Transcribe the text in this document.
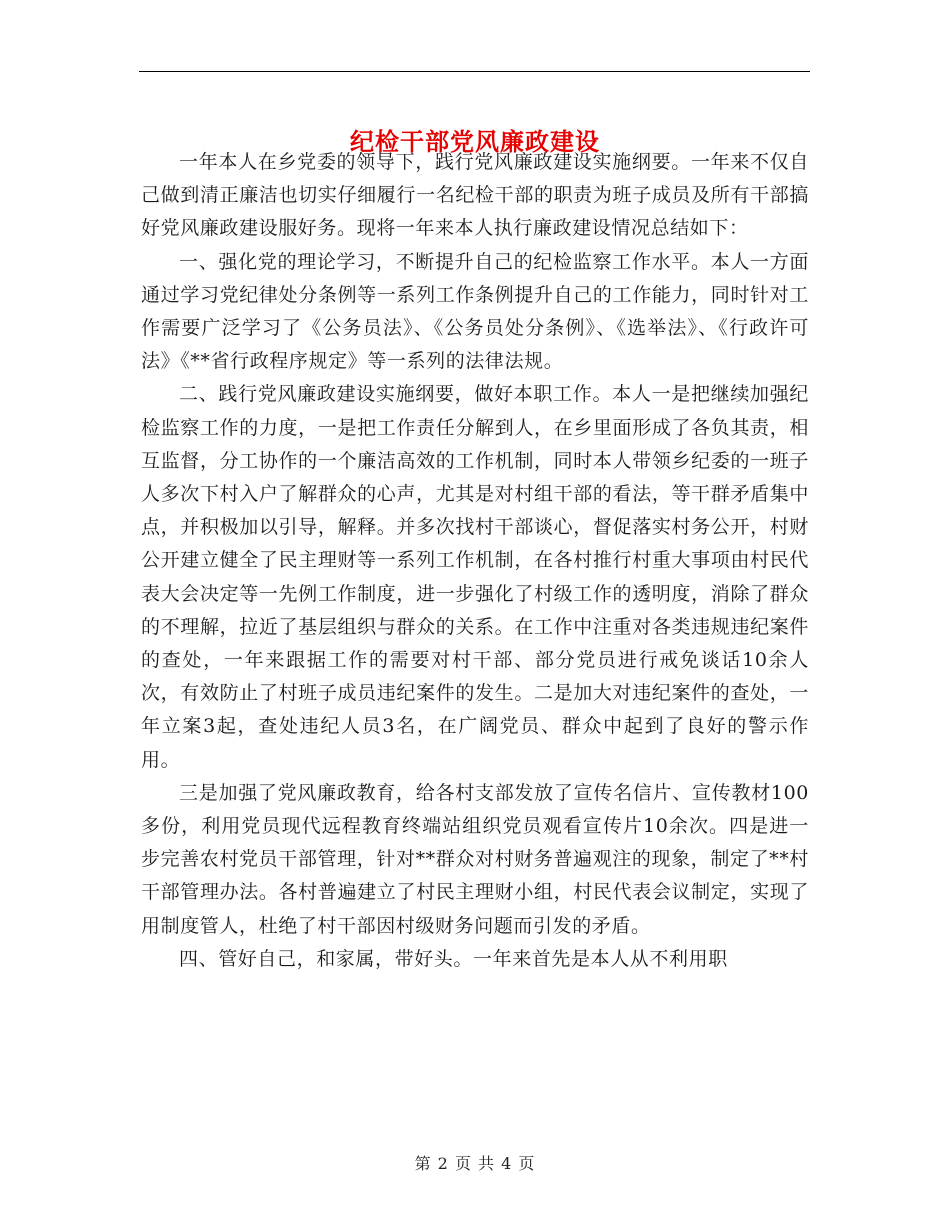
纪检干部党风廉政建设

一年本人在乡党委的领导下，践行党风廉政建设实施纲要。一年来不仅自己做到清正廉洁也切实仔细履行一名纪检干部的职责为班子成员及所有干部搞好党风廉政建设服好务。现将一年来本人执行廉政建设情况总结如下：

一、强化党的理论学习，不断提升自己的纪检监察工作水平。本人一方面通过学习党纪律处分条例等一系列工作条例提升自己的工作能力，同时针对工作需要广泛学习了《公务员法》、《公务员处分条例》、《选举法》、《行政许可法》《**省行政程序规定》等一系列的法律法规。

二、践行党风廉政建设实施纲要，做好本职工作。本人一是把继续加强纪检监察工作的力度，一是把工作责任分解到人，在乡里面形成了各负其责，相互监督，分工协作的一个廉洁高效的工作机制，同时本人带领乡纪委的一班子人多次下村入户了解群众的心声，尤其是对村组干部的看法，等干群矛盾集中点，并积极加以引导，解释。并多次找村干部谈心，督促落实村务公开，村财公开建立健全了民主理财等一系列工作机制，在各村推行村重大事项由村民代表大会决定等一先例工作制度，进一步强化了村级工作的透明度，消除了群众的不理解，拉近了基层组织与群众的关系。在工作中注重对各类违规违纪案件的查处，一年来跟据工作的需要对村干部、部分党员进行戒免谈话10余人次，有效防止了村班子成员违纪案件的发生。二是加大对违纪案件的查处，一年立案3起，查处违纪人员3名，在广阔党员、群众中起到了良好的警示作用。

三是加强了党风廉政教育，给各村支部发放了宣传名信片、宣传教材100多份，利用党员现代远程教育终端站组织党员观看宣传片10余次。四是进一步完善农村党员干部管理，针对**群众对村财务普遍观注的现象，制定了**村干部管理办法。各村普遍建立了村民主理财小组，村民代表会议制定，实现了用制度管人，杜绝了村干部因村级财务问题而引发的矛盾。

四、管好自己，和家属，带好头。一年来首先是本人从不利用职

第 2 页 共 4 页
